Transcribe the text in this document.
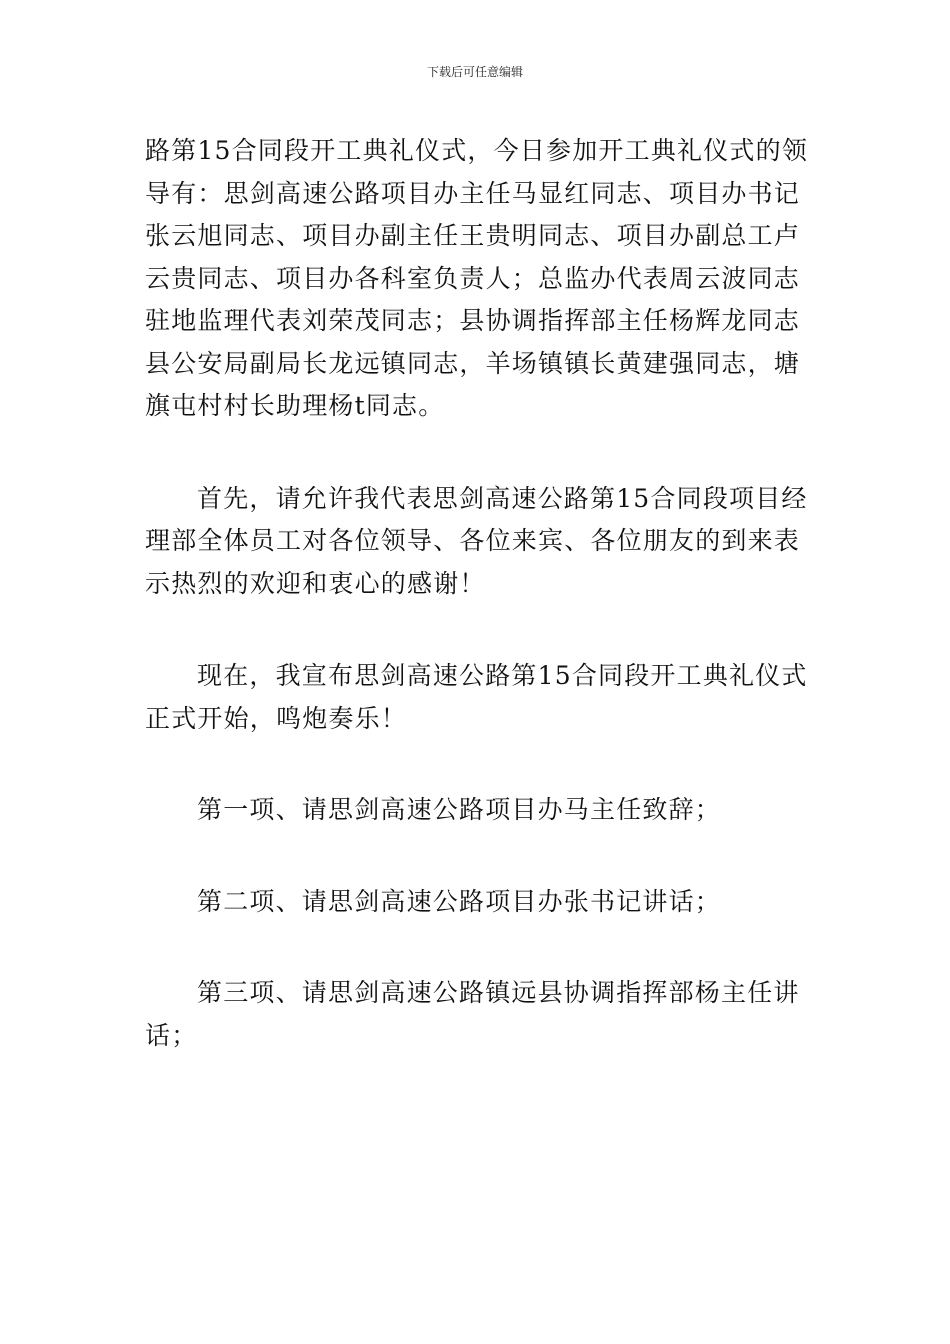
下载后可任意编辑

路第15合同段开工典礼仪式，今日参加开工典礼仪式的领导有：思剑高速公路项目办主任马显红同志、项目办书记张云旭同志、项目办副主任王贵明同志、项目办副总工卢云贵同志、项目办各科室负责人；总监办代表周云波同志驻地监理代表刘荣茂同志；县协调指挥部主任杨辉龙同志县公安局副局长龙远镇同志，羊场镇镇长黄建强同志，塘旗屯村村长助理杨t同志。

首先，请允许我代表思剑高速公路第15合同段项目经理部全体员工对各位领导、各位来宾、各位朋友的到来表示热烈的欢迎和衷心的感谢！

现在，我宣布思剑高速公路第15合同段开工典礼仪式正式开始，鸣炮奏乐！

第一项、请思剑高速公路项目办马主任致辞；

第二项、请思剑高速公路项目办张书记讲话；

第三项、请思剑高速公路镇远县协调指挥部杨主任讲话；
